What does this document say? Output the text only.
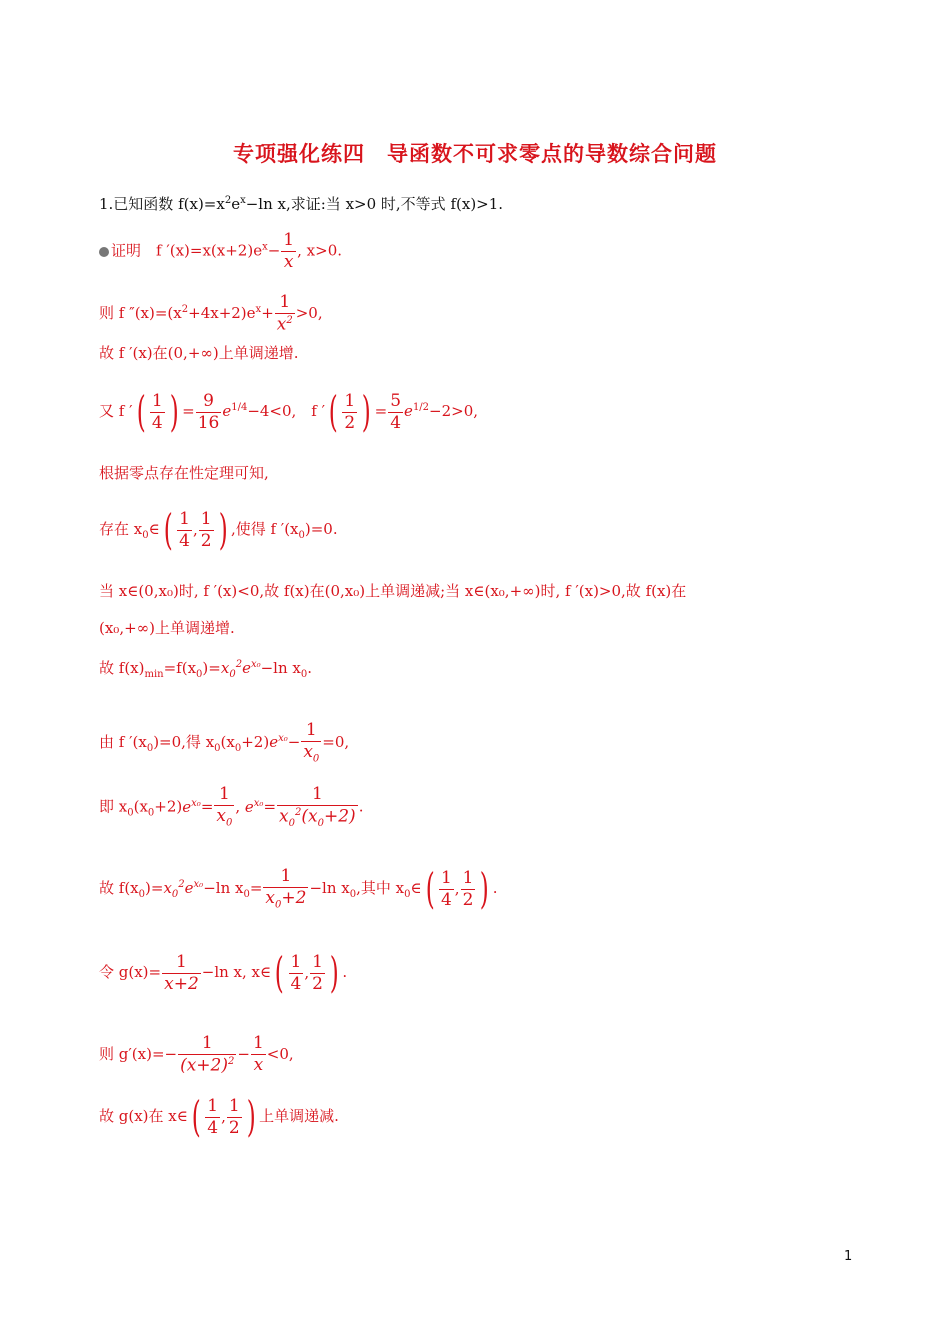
专项强化练四　导函数不可求零点的导数综合问题
1.已知函数 $f(x)=x^2e^x-\ln$ x,求证:当 x>0 时,不等式 f(x)>1.
证明　f $'(x)=x(x+2)e^x- \frac{1}{x}$ , x>0.
则 f $''(x)=(x^2+4x+2)e^x+ \frac{1}{x^2} >0$,
故 f ′(x)在(0,+∞)上单调递增.
又 f ′( $\frac{1}{4}$ ) = $\frac{9}{16} e^{1/4}-4<0$,　f ′( $\frac{1}{2}$ ) = $\frac{5}{4} e^{1/2}-2>0$,
根据零点存在性定理可知,
存在 $x_0\in( \frac{1}{4}$ , $\frac{1}{2}$ ) ,使得 f $'(x_0)=0$.
当 x∈(0,x₀)时, f ′(x)<0,故 f(x)在(0,x₀)上单调递减;当 x∈(x₀,+∞)时, f ′(x)>0,故 f(x)在
(x₀,+∞)上单调递增.
故 $f(x)_{min}=f(x_0)=x_0^2e^{x_0}-\ln$ $x_0$.
由 f $'(x_0)=0$,得 $x_0(x_0+2)e^{x_0}- \frac{1}{x_0} =0$,
即 $x_0(x_0+2)e^{x_0}= \frac{1}{x_0}$ , $e^{x_0}= \frac{1}{x_0^2(x_0+2)}$ .
故 $f(x_0)=x_0^2e^{x_0}-\ln$ $x_0= \frac{1}{x_0+2} -\ln$ $x_0$,其中 $x_0\in( \frac{1}{4}$ , $\frac{1}{2}$ ) .
令 $g(x)= \frac{1}{x+2} -\ln$ x, x∈( $\frac{1}{4}$ , $\frac{1}{2}$ ) .
则 $g'(x)=- \frac{1}{(x+2)^2} - \frac{1}{x} <0$,
故 g(x)在 x∈( $\frac{1}{4}$ , $\frac{1}{2}$ ) 上单调递减.
1
